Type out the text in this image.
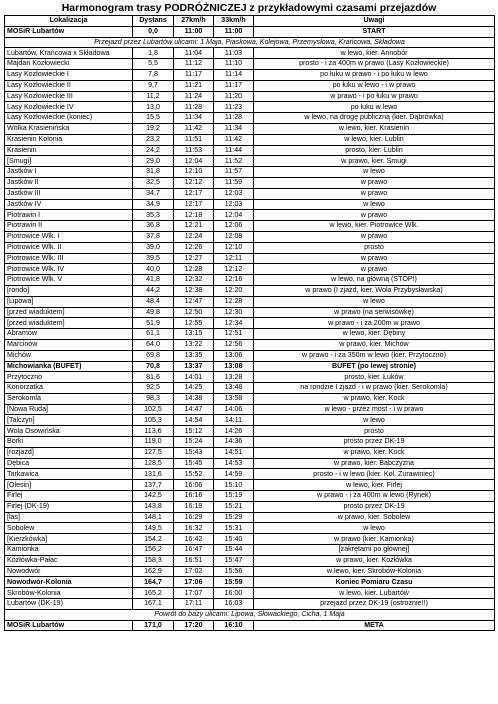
Harmonogram trasy PODRÓŻNICZEJ z przykładowymi czasami przejazdów
Lokalizacja	Dystans	27km/h	33km/h	Uwagi
MOSiR Lubartów	0,0	11:00	11:00	START
Przejazd przez Lubartów ulicami: 1 Maja, Piaskowa, Kolejowa, Przemysłowa, Krańcowa, Składowa				
Lubartów, Krańcowa x Składowa	1,8	11:04	11:03	w lewo, kier. Annobór
Majdan Kozłowiecki	5,5	11:12	11:10	prosto - i za 400m w prawo (Lasy Kozłowieckie)
Lasy Kozłowieckie I	7,8	11:17	11:14	po łuku w prawo - i po łuku w lewo
Lasy Kozłowieckie II	9,7	11:21	11:17	po łuku w lewo - i w prawo
Lasy Kozłowieckie III	11,2	11:24	11:20	w prawo - i po łuku w prawo
Lasy Kozłowieckie IV	13,0	11:28	11:23	po łuku w lewo
Lasy Kozłowieckie (koniec)	15,5	11:34	11:28	w lewo, na drogę publiczną (kier. Dąbrówka)
Wólka Krasienińska	19,2	11:42	11:34	w lewo, kier. Krasienin
Krasienin Kolonia	23,2	11:51	11:42	w lewo, kier. Lublin
Krasienin	24,2	11:53	11:44	prosto, kier. Lublin
[Smugi]	29,0	12:04	11:52	w prawo, kier. Smugi
Jastków I	31,8	12:10	11:57	w lewo
Jastków II	32,5	12:12	11:59	w prawo
Jastków III	34,7	12:17	12:03	w prawo
Jastków IV	34,9	12:17	12:03	w lewo
Piotrawin I	35,3	12:18	12:04	w prawo
Piotrawin II	36,8	12:21	12:06	w lewo, kier. Piotrowice Wlk.
Piotrowice Wlk. I	37,8	12:24	12:08	w prawo
Piotrowice Wlk. II	39,0	12:26	12:10	prosto
Piotrowice Wlk. III	39,5	12:27	12:11	w prawo
Piotrowice Wlk. IV	40,0	12:28	12:12	w prawo
Piotrowice Wlk. V	41,8	12:32	12:16	w lewo, na główną (STOP!)
[rondo]	44,2	12:38	12:20	w prawo (I zjazd, kier. Wola Przybysławska)
[Lipowa]	48,4	12:47	12:28	w lewo
[przed wiaduktem]	49,8	12:50	12:30	w prawo (na serwisówkę)
[przed wiaduktem]	51,9	12:55	12:34	w prawo - i za 200m w prawo
Abramów	61,1	13:15	12:51	w lewo, kier. Dębiny
Marcinów	64,0	13:22	12:56	w prawo, kier. Michów
Michów	69,8	13:35	13:06	w prawo - i za 350m w lewo (kier. Przytoczno)
Michowianka (BUFET)	70,8	13:37	13:08	BUFET (po lewej stronie)
Przytoczno	81,6	14:01	13:28	prosto, kier. Łuków
Konorzatka	92,5	14:25	13:48	na rondzie I zjazd - i w prawo (kier. Serokomla)
Serokomla	98,3	14:38	13:58	w prawo, kier. Kock
[Nowa Ruda]	102,5	14:47	14:06	w lewo - przez most - i w prawo
[Talczyn]	105,3	14:54	14:11	w lewo
Wola Osowińska	113,6	15:12	14:26	prosto
Borki	119,0	15:24	14:36	prosto przez DK-19
[rozjazd]	127,5	15:43	14:51	w prawo, kier. Kock
Dębica	128,5	15:45	14:53	w prawo, kier. Babczyzna
Tarkawica	131,6	15:52	14:59	prosto - i w lewo (kier. Kol. Żurawiniec)
[Olesin]	137,7	16:06	15:10	w lewo, kier. Firlej
Firlej	142,5	16:16	15:19	w prawo - i za 400m w lewo (Rynek)
Firlej (DK-19)	143,8	16:19	15:21	prosto przez DK-19
[las]	148,1	16:29	15:29	w prawo, kier. Sobolew
Sobolew	149,5	16:32	15:31	w lewo
[Kierzkówka]	154,2	16:42	15:40	w prawo (kier. Kamionka)
Kamionka	156,2	16:47	15:44	[zakrętami po głównej]
Kozłówka-Pałac	158,3	16:51	15:47	w prawo, kier. Kozłówka
Nowodwór	162,9	17:02	15:56	w lewo, kier. Skrobów-Kolonia
Nowodwór-Kolonia	164,7	17:06	15:59	Koniec Pomiaru Czasu
Skrobów-Kolonia	165,2	17:07	16:00	w lewo, kier. Lubartów
Lubartów (DK-19)	167,1	17:11	16:03	przejazd przez DK-19 (ostrożnie!!)
Powrót do bazy ulicami: Lipowa, Słowackiego, Cicha, 1 Maja				
MOSiR Lubartów	171,0	17:20	16:10	META
